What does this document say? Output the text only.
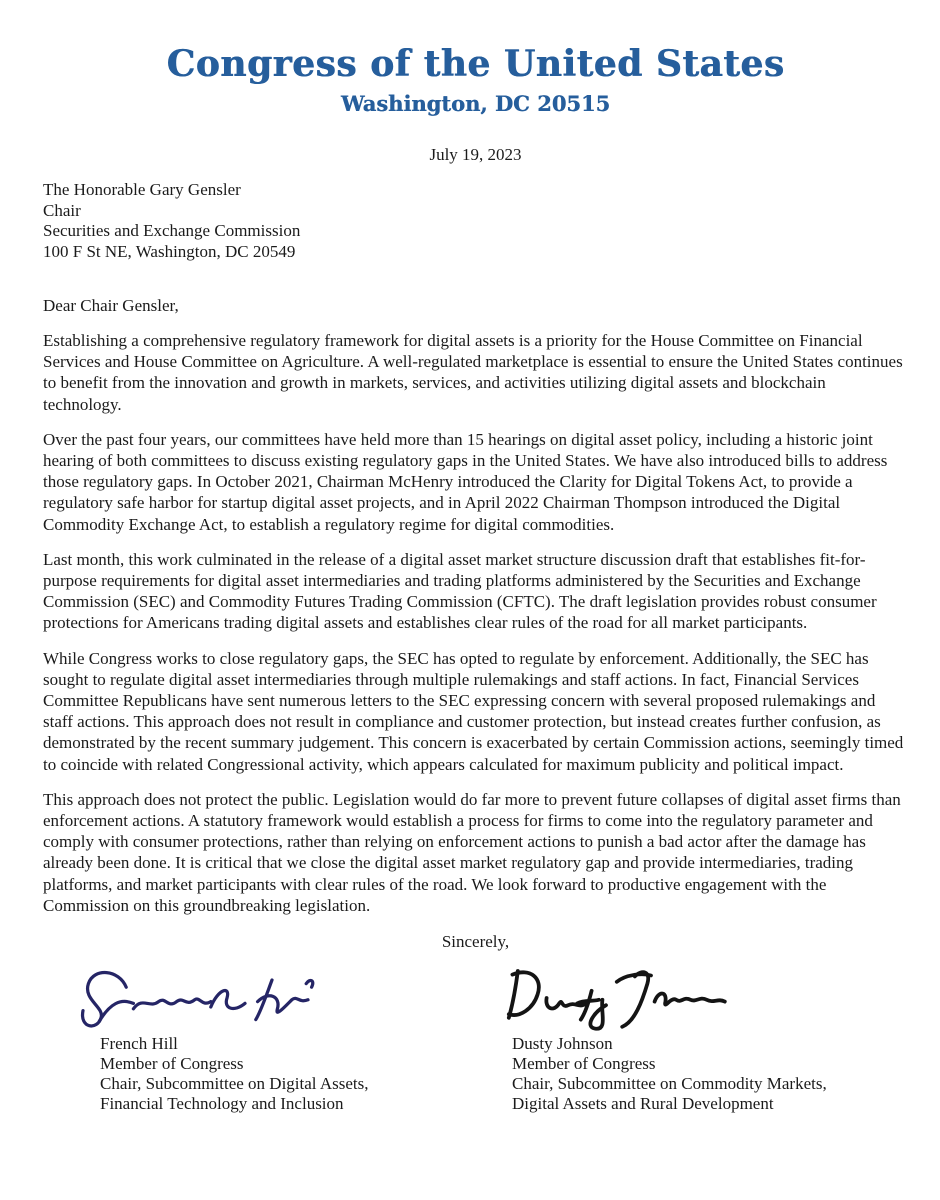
Congress of the United States
Washington, DC 20515
July 19, 2023
The Honorable Gary Gensler
Chair
Securities and Exchange Commission
100 F St NE, Washington, DC 20549
Dear Chair Gensler,

Establishing a comprehensive regulatory framework for digital assets is a priority for the House Committee on Financial Services and House Committee on Agriculture. A well-regulated marketplace is essential to ensure the United States continues to benefit from the innovation and growth in markets, services, and activities utilizing digital assets and blockchain technology.

Over the past four years, our committees have held more than 15 hearings on digital asset policy, including a historic joint hearing of both committees to discuss existing regulatory gaps in the United States. We have also introduced bills to address those regulatory gaps. In October 2021, Chairman McHenry introduced the Clarity for Digital Tokens Act, to provide a regulatory safe harbor for startup digital asset projects, and in April 2022 Chairman Thompson introduced the Digital Commodity Exchange Act, to establish a regulatory regime for digital commodities.

Last month, this work culminated in the release of a digital asset market structure discussion draft that establishes fit-for-purpose requirements for digital asset intermediaries and trading platforms administered by the Securities and Exchange Commission (SEC) and Commodity Futures Trading Commission (CFTC). The draft legislation provides robust consumer protections for Americans trading digital assets and establishes clear rules of the road for all market participants.

While Congress works to close regulatory gaps, the SEC has opted to regulate by enforcement. Additionally, the SEC has sought to regulate digital asset intermediaries through multiple rulemakings and staff actions. In fact, Financial Services Committee Republicans have sent numerous letters to the SEC expressing concern with several proposed rulemakings and staff actions. This approach does not result in compliance and customer protection, but instead creates further confusion, as demonstrated by the recent summary judgement. This concern is exacerbated by certain Commission actions, seemingly timed to coincide with related Congressional activity, which appears calculated for maximum publicity and political impact.

This approach does not protect the public. Legislation would do far more to prevent future collapses of digital asset firms than enforcement actions. A statutory framework would establish a process for firms to come into the regulatory parameter and comply with consumer protections, rather than relying on enforcement actions to punish a bad actor after the damage has already been done. It is critical that we close the digital asset market regulatory gap and provide intermediaries, trading platforms, and market participants with clear rules of the road. We look forward to productive engagement with the Commission on this groundbreaking legislation.

Sincerely,
French Hill
Member of Congress
Chair, Subcommittee on Digital Assets,
Financial Technology and Inclusion
Dusty Johnson
Member of Congress
Chair, Subcommittee on Commodity Markets,
Digital Assets and Rural Development
